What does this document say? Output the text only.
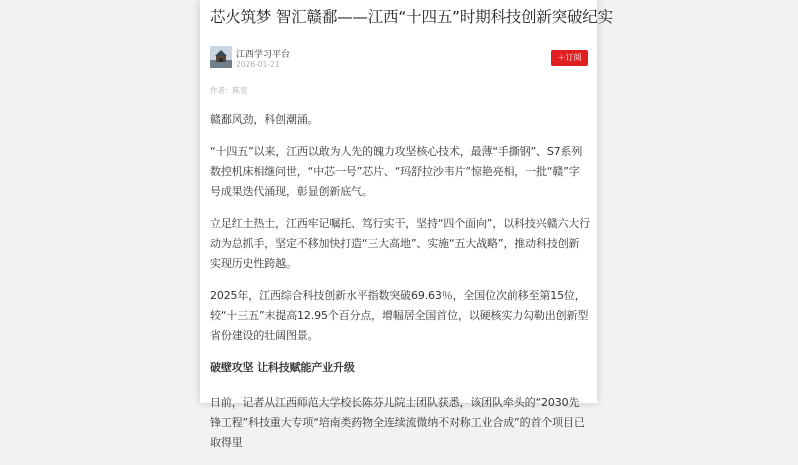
芯火筑梦 智汇赣鄱——江西“十四五”时期科技创新突破纪实
江西学习平台
2026-01-21
＋订阅
作者：陈奕

赣鄱风劲，科创潮涌。

“十四五”以来，江西以敢为人先的魄力攻坚核心技术，最薄“手撕钢”、S7系列数控机床相继问世，“中芯一号”芯片、“玛舒拉沙韦片”惊艳亮相，一批“赣”字号成果迭代涌现，彰显创新底气。

立足红土热土，江西牢记嘱托、笃行实干，坚持“四个面向”，以科技兴赣六大行动为总抓手，坚定不移加快打造“三大高地”、实施“五大战略”，推动科技创新实现历史性跨越。

2025年，江西综合科技创新水平指数突破69.63％，全国位次前移至第15位，较“十三五”末提高12.95个百分点，增幅居全国首位，以硬核实力勾勒出创新型省份建设的壮阔图景。

破壁攻坚 让科技赋能产业升级

日前，记者从江西师范大学校长陈芬儿院士团队获悉，该团队牵头的“2030先锋工程”科技重大专项“培南类药物全连续流微纳不对称工业合成”的首个项目已取得里
